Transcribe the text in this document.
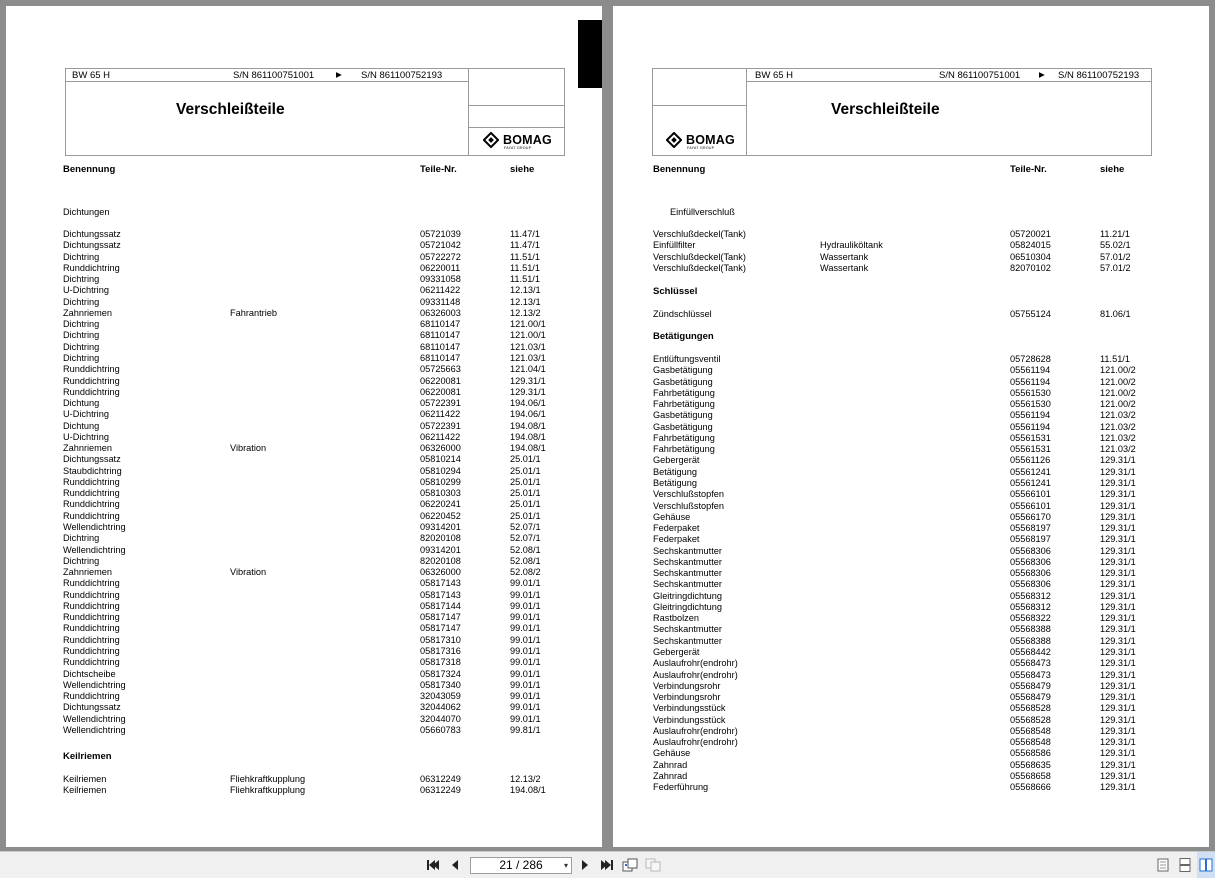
BW 65 H	S/N 861100751001	▶ S/N 861100752193
Verschleißteile
BOMAG
FAYAT GROUP
Benennung	Teile-Nr.	siehe
Dichtungen
Dichtungssatz	05721039	11.47/1
Dichtungssatz	05721042	11.47/1
Dichtring	05722272	11.51/1
Runddichtring	06220011	11.51/1
Dichtring	09331058	11.51/1
U-Dichtring	06211422	12.13/1
Dichtring	09331148	12.13/1
Zahnriemen	Fahrantrieb	06326003	12.13/2
Dichtring	68110147	121.00/1
Dichtring	68110147	121.00/1
Dichtring	68110147	121.03/1
Dichtring	68110147	121.03/1
Runddichtring	05725663	121.04/1
Runddichtring	06220081	129.31/1
Runddichtring	06220081	129.31/1
Dichtung	05722391	194.06/1
U-Dichtring	06211422	194.06/1
Dichtung	05722391	194.08/1
U-Dichtring	06211422	194.08/1
Zahnriemen	Vibration	06326000	194.08/1
Dichtungssatz	05810214	25.01/1
Staubdichtring	05810294	25.01/1
Runddichtring	05810299	25.01/1
Runddichtring	05810303	25.01/1
Runddichtring	06220241	25.01/1
Runddichtring	06220452	25.01/1
Wellendichtring	09314201	52.07/1
Dichtring	82020108	52.07/1
Wellendichtring	09314201	52.08/1
Dichtring	82020108	52.08/1
Zahnriemen	Vibration	06326000	52.08/2
Runddichtring	05817143	99.01/1
Runddichtring	05817143	99.01/1
Runddichtring	05817144	99.01/1
Runddichtring	05817147	99.01/1
Runddichtring	05817147	99.01/1
Runddichtring	05817310	99.01/1
Runddichtring	05817316	99.01/1
Runddichtring	05817318	99.01/1
Dichtscheibe	05817324	99.01/1
Wellendichtring	05817340	99.01/1
Runddichtring	32043059	99.01/1
Dichtungssatz	32044062	99.01/1
Wellendichtring	32044070	99.01/1
Wellendichtring	05660783	99.81/1
Keilriemen
Keilriemen	Fliehkraftkupplung	06312249	12.13/2
Keilriemen	Fliehkraftkupplung	06312249	194.08/1
BW 65 H	S/N 861100751001	▶ S/N 861100752193
Verschleißteile
BOMAG
FAYAT GROUP
Benennung	Teile-Nr.	siehe
Einfüllverschluß
Verschlußdeckel(Tank)	05720021	11.21/1
Einfüllfilter	Hydrauliköltank	05824015	55.02/1
Verschlußdeckel(Tank)	Wassertank	06510304	57.01/2
Verschlußdeckel(Tank)	Wassertank	82070102	57.01/2
Schlüssel
Zündschlüssel	05755124	81.06/1
Betätigungen
Entlüftungsventil	05728628	11.51/1
Gasbetätigung	05561194	121.00/2
Gasbetätigung	05561194	121.00/2
Fahrbetätigung	05561530	121.00/2
Fahrbetätigung	05561530	121.00/2
Gasbetätigung	05561194	121.03/2
Gasbetätigung	05561194	121.03/2
Fahrbetätigung	05561531	121.03/2
Fahrbetätigung	05561531	121.03/2
Gebergerät	05561126	129.31/1
Betätigung	05561241	129.31/1
Betätigung	05561241	129.31/1
Verschlußstopfen	05566101	129.31/1
Verschlußstopfen	05566101	129.31/1
Gehäuse	05566170	129.31/1
Federpaket	05568197	129.31/1
Federpaket	05568197	129.31/1
Sechskantmutter	05568306	129.31/1
Sechskantmutter	05568306	129.31/1
Sechskantmutter	05568306	129.31/1
Sechskantmutter	05568306	129.31/1
Gleitringdichtung	05568312	129.31/1
Gleitringdichtung	05568312	129.31/1
Rastbolzen	05568322	129.31/1
Sechskantmutter	05568388	129.31/1
Sechskantmutter	05568388	129.31/1
Gebergerät	05568442	129.31/1
Auslaufrohr(endrohr)	05568473	129.31/1
Auslaufrohr(endrohr)	05568473	129.31/1
Verbindungsrohr	05568479	129.31/1
Verbindungsrohr	05568479	129.31/1
Verbindungsstück	05568528	129.31/1
Verbindungsstück	05568528	129.31/1
Auslaufrohr(endrohr)	05568548	129.31/1
Auslaufrohr(endrohr)	05568548	129.31/1
Gehäuse	05568586	129.31/1
Zahnrad	05568635	129.31/1
Zahnrad	05568658	129.31/1
Federführung	05568666	129.31/1
21 / 286	▾
